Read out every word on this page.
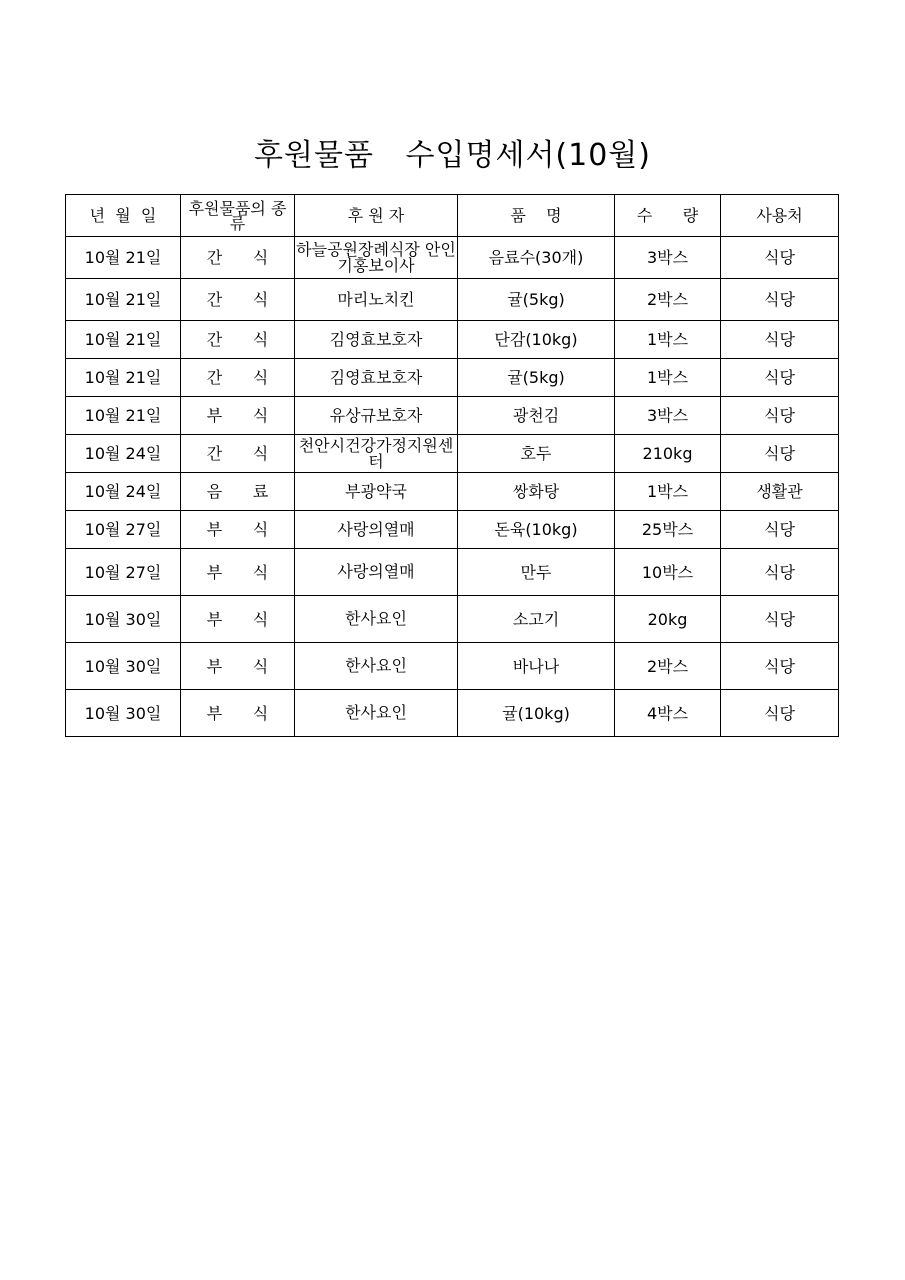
후원물품   수입명세서(10월)
년  월  일	후원물품의 종류	후 원 자	품    명	수      량	사용처
10월 21일	간      식	하늘공원장례식장 안인기홍보이사	음료수(30개)	3박스	식당
10월 21일	간      식	마리노치킨	귤(5kg)	2박스	식당
10월 21일	간      식	김영효보호자	단감(10kg)	1박스	식당
10월 21일	간      식	김영효보호자	귤(5kg)	1박스	식당
10월 21일	부      식	유상규보호자	광천김	3박스	식당
10월 24일	간      식	천안시건강가정지원센터	호두	210kg	식당
10월 24일	음      료	부광약국	쌍화탕	1박스	생활관
10월 27일	부      식	사랑의열매	돈육(10kg)	25박스	식당
10월 27일	부      식	사랑의열매	만두	10박스	식당
10월 30일	부      식	한사요인	소고기	20kg	식당
10월 30일	부      식	한사요인	바나나	2박스	식당
10월 30일	부      식	한사요인	귤(10kg)	4박스	식당
